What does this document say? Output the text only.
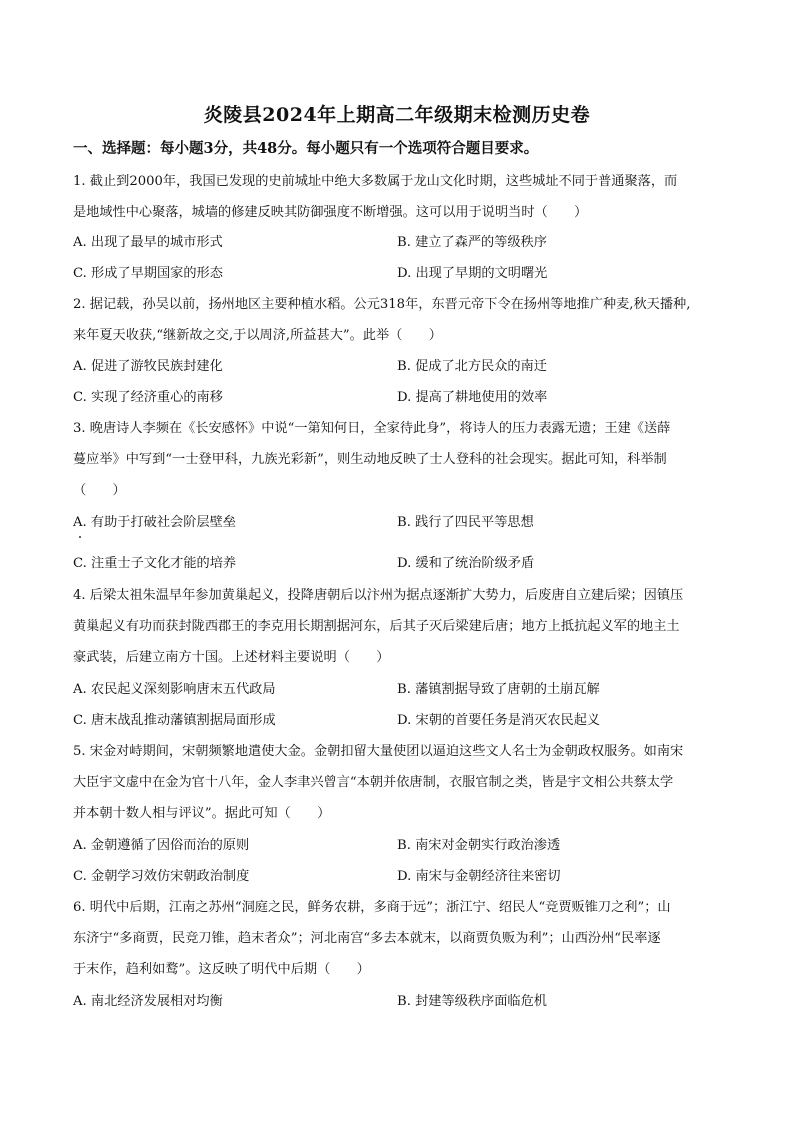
炎陵县2024年上期高二年级期末检测历史卷
一、选择题：每小题3分，共48分。每小题只有一个选项符合题目要求。
1. 截止到2000年，我国已发现的史前城址中绝大多数属于龙山文化时期，这些城址不同于普通聚落，而
是地域性中心聚落，城墙的修建反映其防御强度不断增强。这可以用于说明当时（　　）
A. 出现了最早的城市形式	B. 建立了森严的等级秩序
C. 形成了早期国家的形态	D. 出现了早期的文明曙光
2. 据记载，孙吴以前，扬州地区主要种植水稻。公元318年，东晋元帝下令在扬州等地推广种麦,秋天播种,
来年夏天收获,“继新故之交,于以周济,所益甚大”。此举（　　）
A. 促进了游牧民族封建化	B. 促成了北方民众的南迁
C. 实现了经济重心的南移	D. 提高了耕地使用的效率
3. 晚唐诗人李频在《长安感怀》中说“一第知何日，全家待此身”，将诗人的压力表露无遗；王建《送薛
蔓应举》中写到“一士登甲科，九族光彩新”，则生动地反映了士人登科的社会现实。据此可知，科举制
（　　）
A. 有助于打破社会阶层壁垒	B. 践行了四民平等思想
C. 注重士子文化才能的培养	D. 缓和了统治阶级矛盾
4. 后梁太祖朱温早年参加黄巢起义，投降唐朝后以汴州为据点逐渐扩大势力，后废唐自立建后梁；因镇压
黄巢起义有功而获封陇西郡王的李克用长期割据河东，后其子灭后梁建后唐；地方上抵抗起义军的地主土
豪武装，后建立南方十国。上述材料主要说明（　　）
A. 农民起义深刻影响唐末五代政局	B. 藩镇割据导致了唐朝的土崩瓦解
C. 唐末战乱推动藩镇割据局面形成	D. 宋朝的首要任务是消灭农民起义
5. 宋金对峙期间，宋朝频繁地遣使大金。金朝扣留大量使团以逼迫这些文人名士为金朝政权服务。如南宋
大臣宇文虚中在金为官十八年，金人李聿兴曾言“本朝并依唐制，衣服官制之类，皆是宇文相公共蔡太学
并本朝十数人相与评议”。据此可知（　　）
A. 金朝遵循了因俗而治的原则	B. 南宋对金朝实行政治渗透
C. 金朝学习效仿宋朝政治制度	D. 南宋与金朝经济往来密切
6. 明代中后期，江南之苏州“洞庭之民，鲜务农耕，多商于远”；浙江宁、绍民人“竞贾贩锥刀之利”；山
东济宁“多商贾，民竞刀锥，趋末者众”；河北南宫“多去本就末，以商贾负贩为利”；山西汾州“民率逐
于末作，趋利如鹜”。这反映了明代中后期（　　）
A. 南北经济发展相对均衡	B. 封建等级秩序面临危机
